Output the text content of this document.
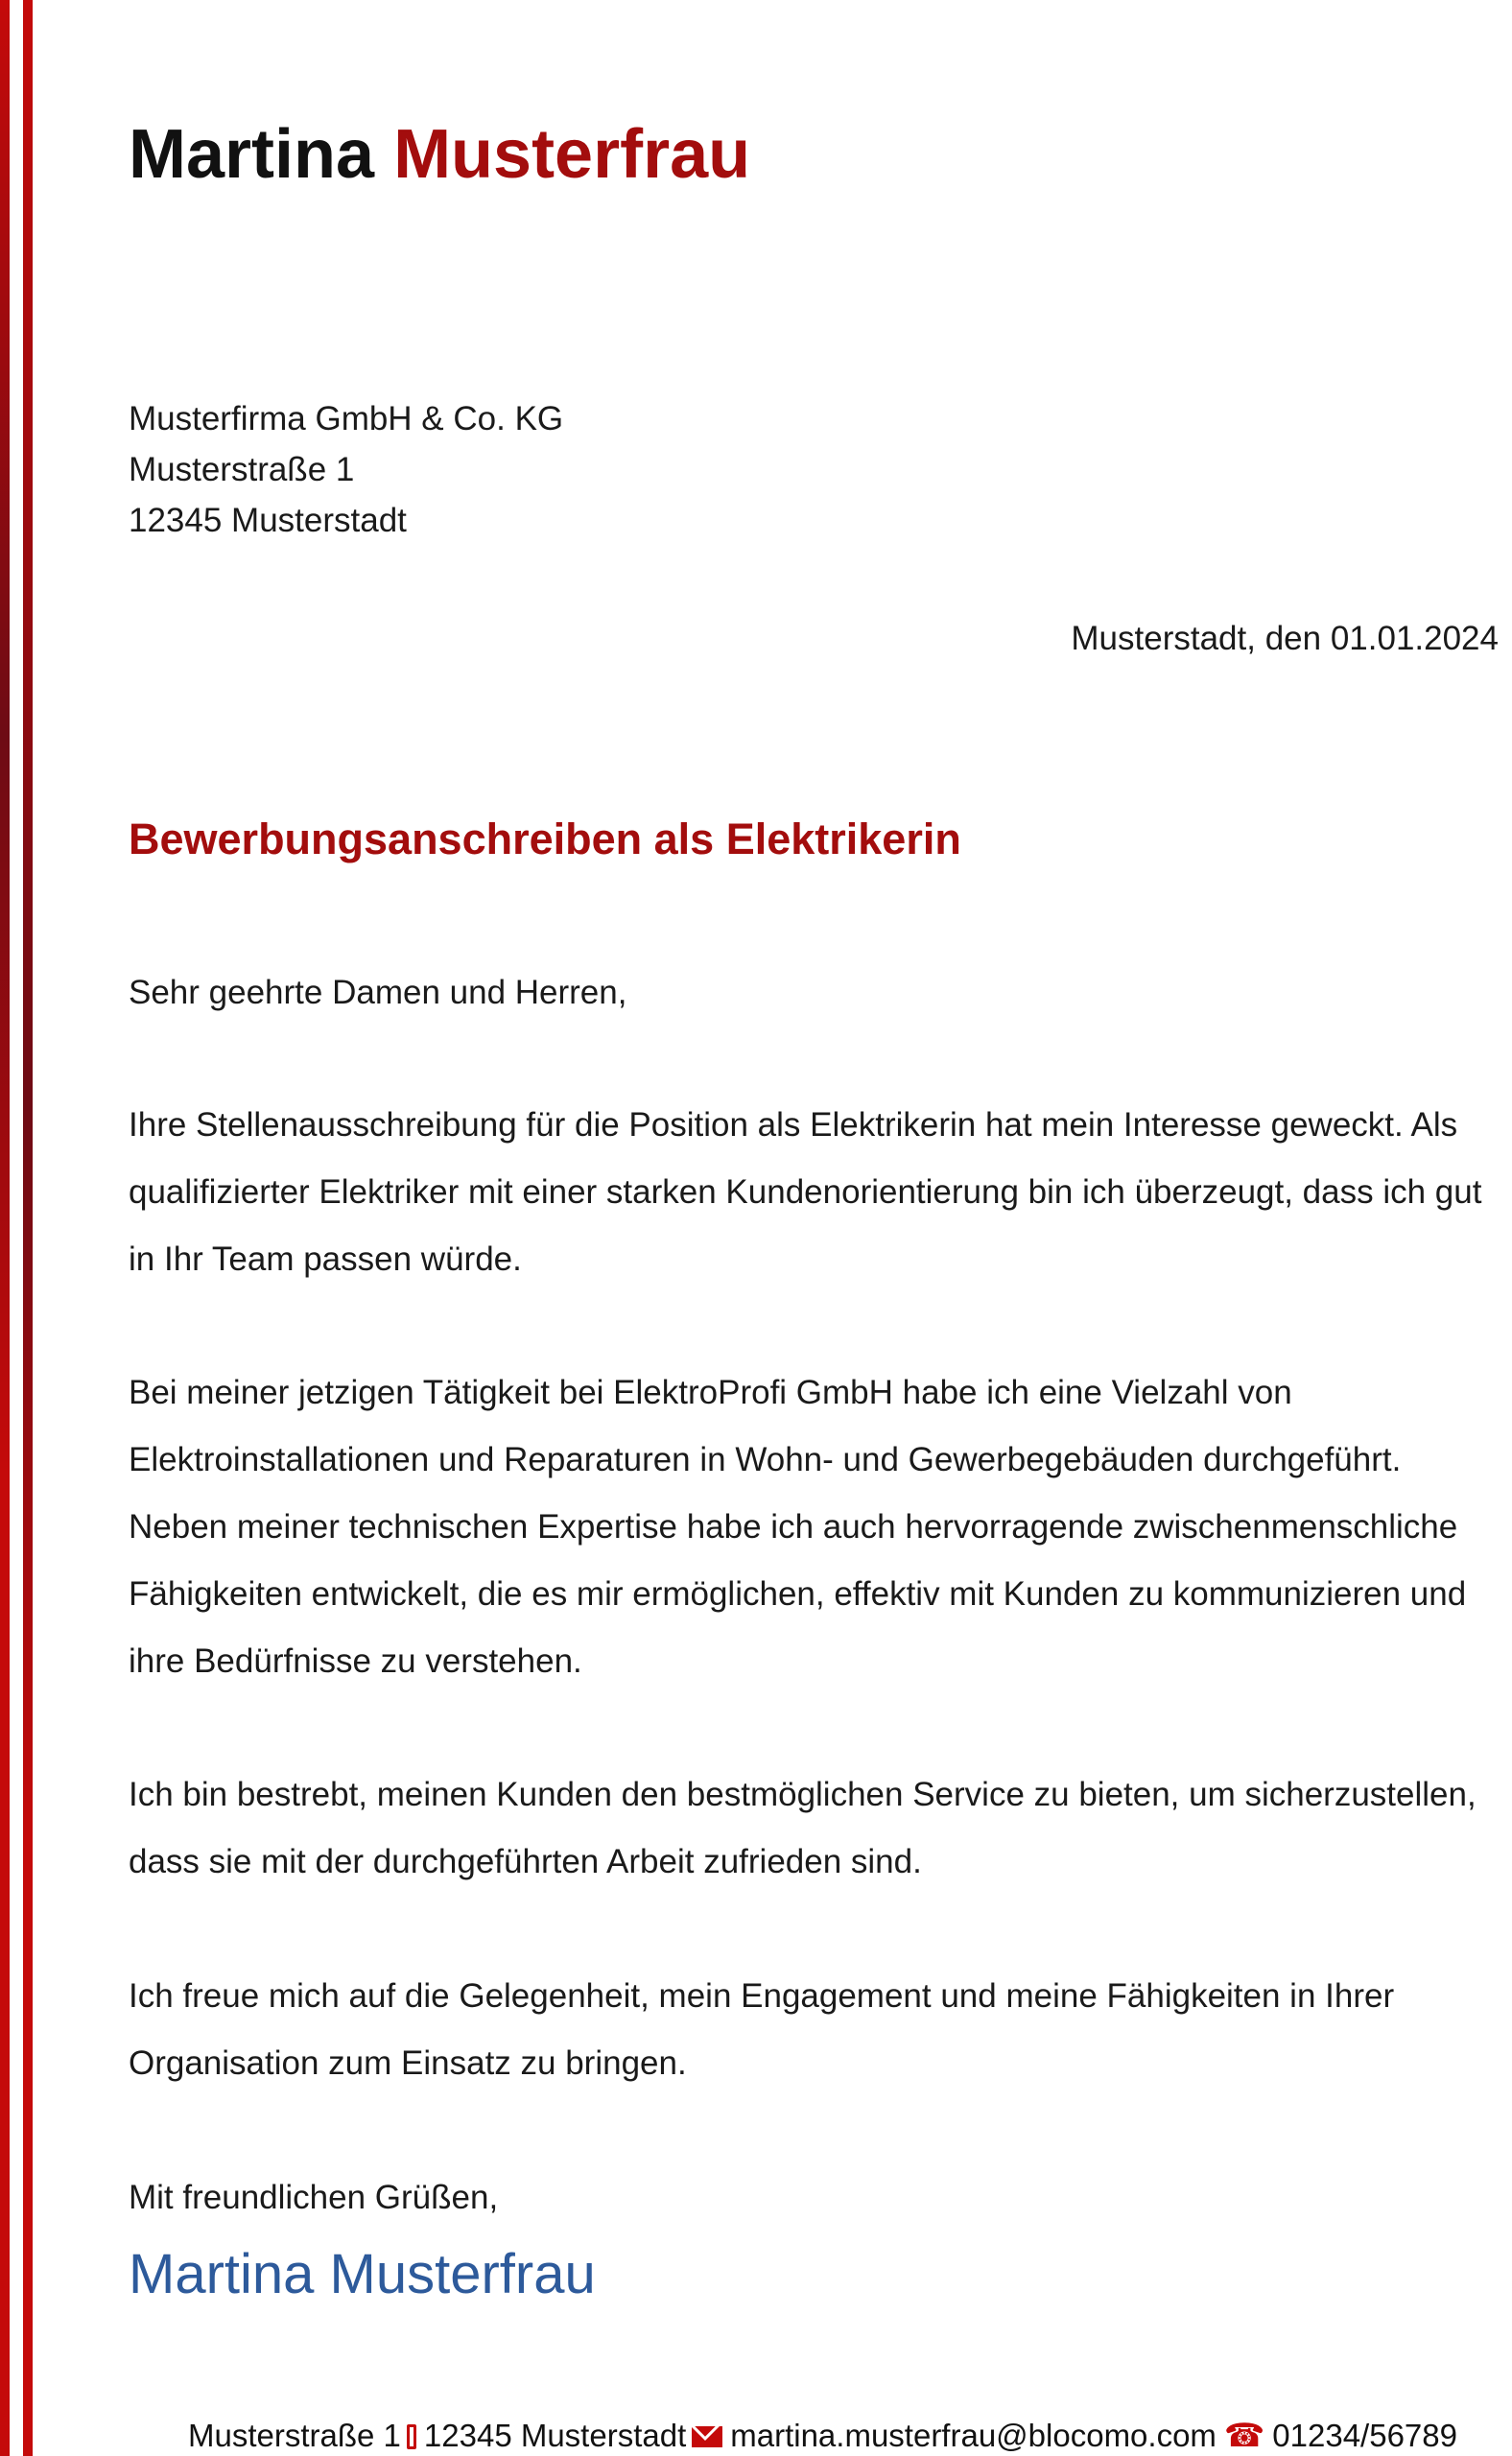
Martina Musterfrau
Musterfirma GmbH & Co. KG
Musterstraße 1
12345 Musterstadt
Musterstadt, den 01.01.2024
Bewerbungsanschreiben als Elektrikerin

Sehr geehrte Damen und Herren,

Ihre Stellenausschreibung für die Position als Elektrikerin hat mein Interesse geweckt. Als qualifizierter Elektriker mit einer starken Kundenorientierung bin ich überzeugt, dass ich gut in Ihr Team passen würde.

Bei meiner jetzigen Tätigkeit bei ElektroProfi GmbH habe ich eine Vielzahl von Elektroinstallationen und Reparaturen in Wohn- und Gewerbegebäuden durchgeführt. Neben meiner technischen Expertise habe ich auch hervorragende zwischenmenschliche Fähigkeiten entwickelt, die es mir ermöglichen, effektiv mit Kunden zu kommunizieren und ihre Bedürfnisse zu verstehen.

Ich bin bestrebt, meinen Kunden den bestmöglichen Service zu bieten, um sicherzustellen, dass sie mit der durchgeführten Arbeit zufrieden sind.

Ich freue mich auf die Gelegenheit, mein Engagement und meine Fähigkeiten in Ihrer Organisation zum Einsatz zu bringen.

Mit freundlichen Grüßen,

Martina Musterfrau
Musterstraße 1 12345 Musterstadt martina.musterfrau@blocomo.com ☎ 01234/56789
